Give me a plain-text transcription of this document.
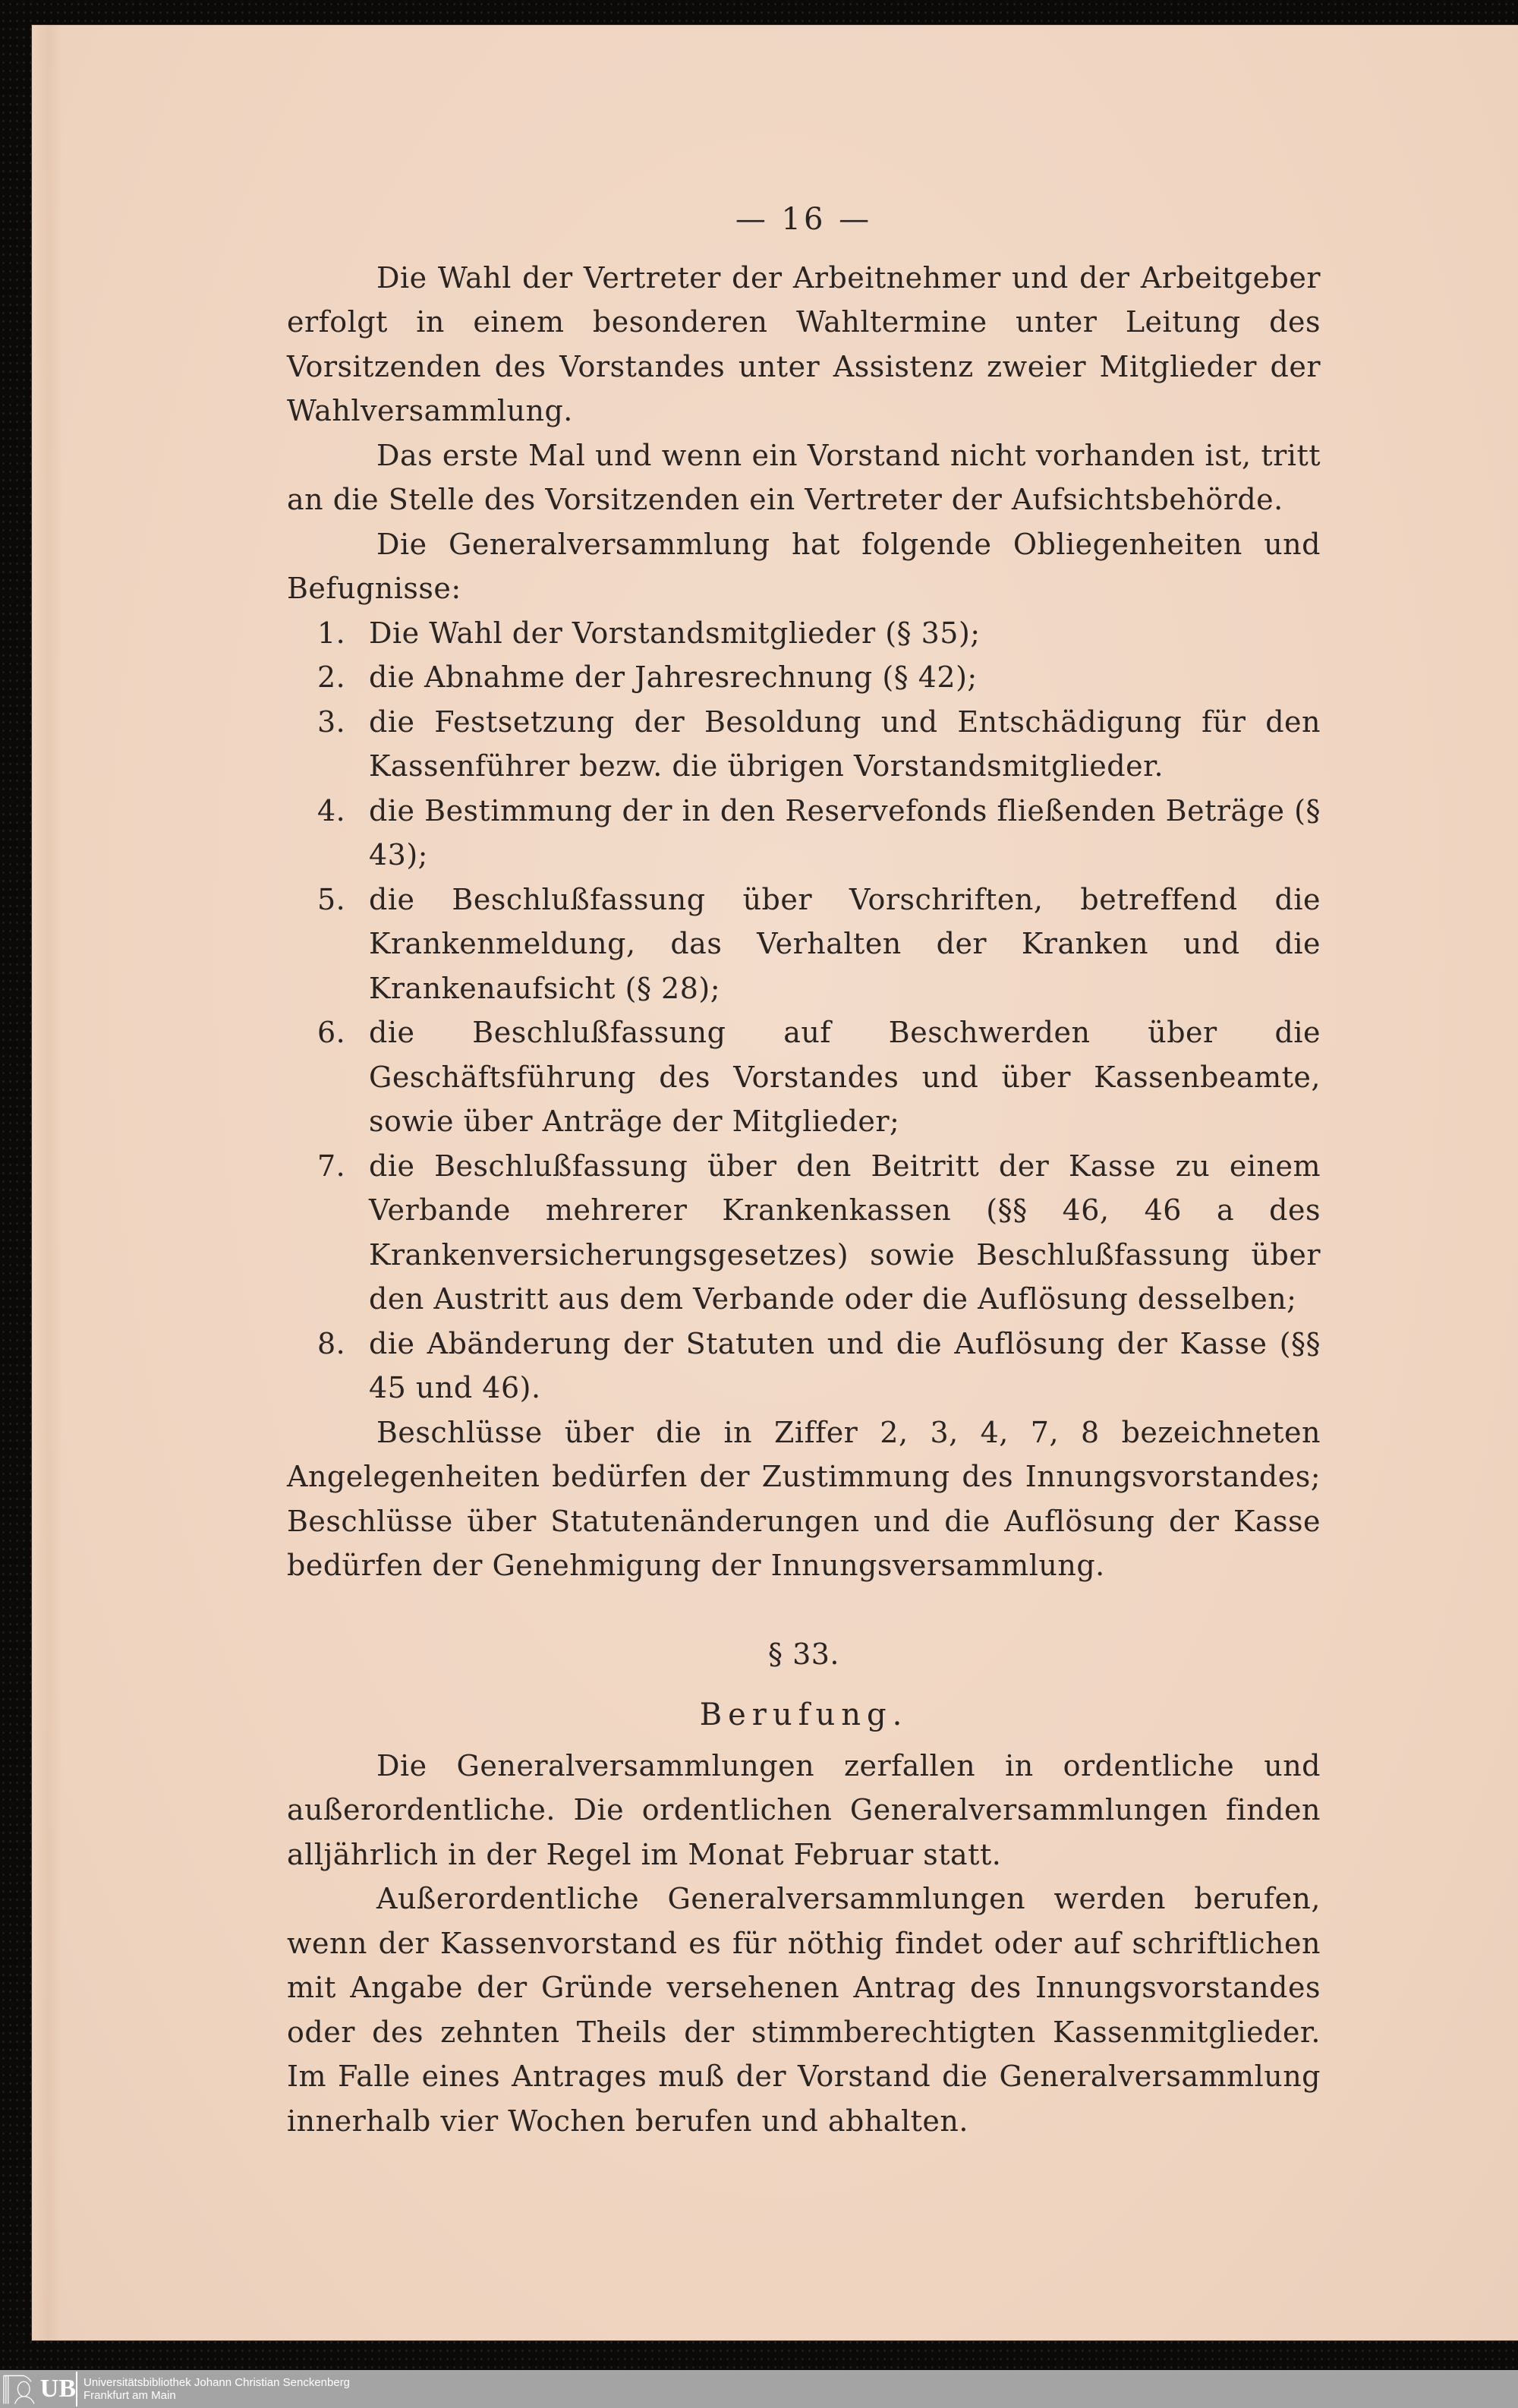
— 16 —

Die Wahl der Vertreter der Arbeitnehmer und der Arbeitgeber erfolgt in einem besonderen Wahltermine unter Leitung des Vorsitzenden des Vorstandes unter Assistenz zweier Mitglieder der Wahlversammlung.

Das erste Mal und wenn ein Vorstand nicht vorhanden ist, tritt an die Stelle des Vorsitzenden ein Vertreter der Aufsichtsbehörde.

Die Generalversammlung hat folgende Obliegenheiten und Befugnisse:

1. Die Wahl der Vorstandsmitglieder (§ 35);
2. die Abnahme der Jahresrechnung (§ 42);
3. die Festsetzung der Besoldung und Entschädigung für den Kassenführer bezw. die übrigen Vorstandsmitglieder.
4. die Bestimmung der in den Reservefonds fließenden Beträge (§ 43);
5. die Beschlußfassung über Vorschriften, betreffend die Krankenmeldung, das Verhalten der Kranken und die Krankenaufsicht (§ 28);
6. die Beschlußfassung auf Beschwerden über die Geschäftsführung des Vorstandes und über Kassenbeamte, sowie über Anträge der Mitglieder;
7. die Beschlußfassung über den Beitritt der Kasse zu einem Verbande mehrerer Krankenkassen (§§ 46, 46 a des Krankenversicherungsgesetzes) sowie Beschlußfassung über den Austritt aus dem Verbande oder die Auflösung desselben;
8. die Abänderung der Statuten und die Auflösung der Kasse (§§ 45 und 46).

Beschlüsse über die in Ziffer 2, 3, 4, 7, 8 bezeichneten Angelegenheiten bedürfen der Zustimmung des Innungsvorstandes; Beschlüsse über Statutenänderungen und die Auflösung der Kasse bedürfen der Genehmigung der Innungsversammlung.

§ 33.
Berufung.

Die Generalversammlungen zerfallen in ordentliche und außerordentliche. Die ordentlichen Generalversammlungen finden alljährlich in der Regel im Monat Februar statt.

Außerordentliche Generalversammlungen werden berufen, wenn der Kassenvorstand es für nöthig findet oder auf schriftlichen mit Angabe der Gründe versehenen Antrag des Innungsvorstandes oder des zehnten Theils der stimmberechtigten Kassenmitglieder. Im Falle eines Antrages muß der Vorstand die Generalversammlung innerhalb vier Wochen berufen und abhalten.

UB Universitätsbibliothek Johann Christian Senckenberg
Frankfurt am Main
